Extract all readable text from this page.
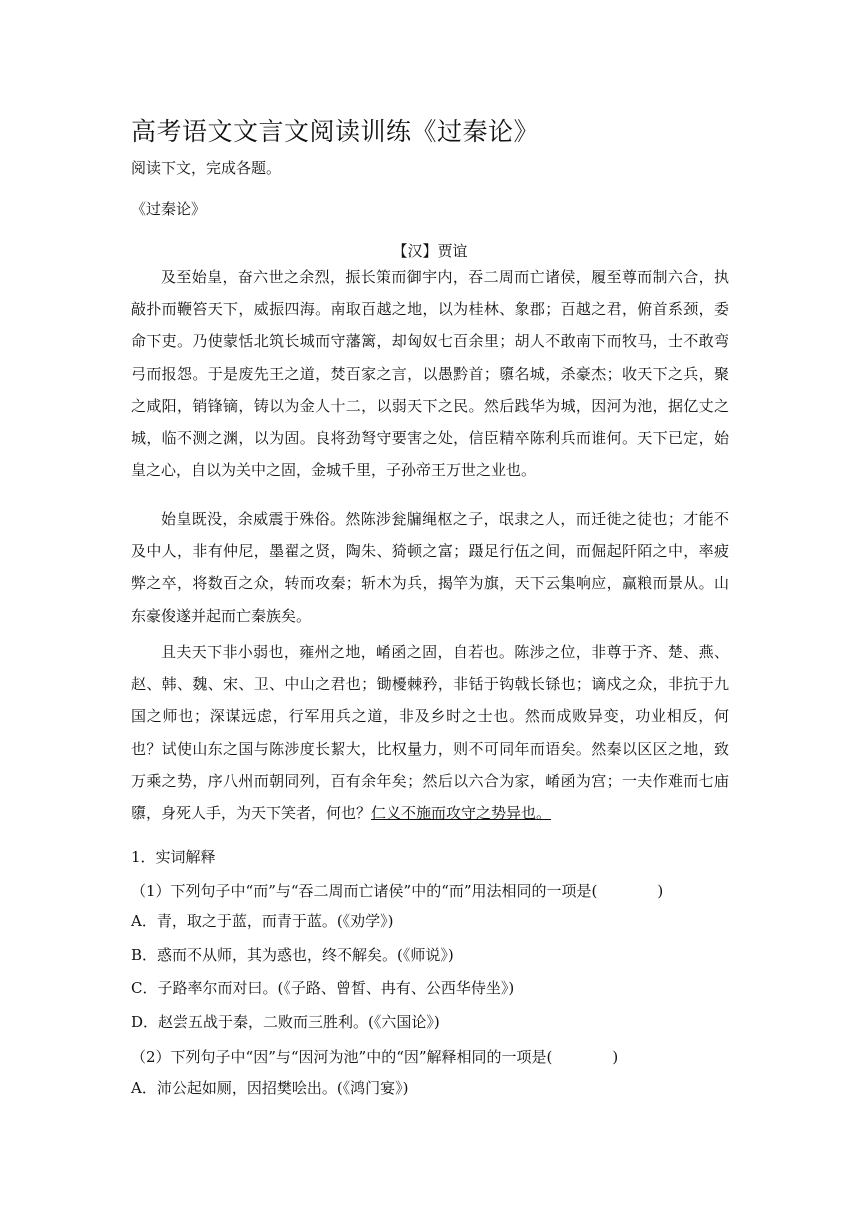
高考语文文言文阅读训练《过秦论》
阅读下文，完成各题。
《过秦论》
【汉】贾谊
及至始皇，奋六世之余烈，振长策而御宇内，吞二周而亡诸侯，履至尊而制六合，执敲扑而鞭笞天下，威振四海。南取百越之地，以为桂林、象郡；百越之君，俯首系颈，委命下吏。乃使蒙恬北筑长城而守藩篱，却匈奴七百余里；胡人不敢南下而牧马，士不敢弯弓而报怨。于是废先王之道，焚百家之言，以愚黔首；隳名城，杀豪杰；收天下之兵，聚之咸阳，销锋镝，铸以为金人十二，以弱天下之民。然后践华为城，因河为池，据亿丈之城，临不测之渊，以为固。良将劲弩守要害之处，信臣精卒陈利兵而谁何。天下已定，始皇之心，自以为关中之固，金城千里，子孙帝王万世之业也。
始皇既没，余威震于殊俗。然陈涉瓮牖绳枢之子，氓隶之人，而迁徙之徒也；才能不及中人，非有仲尼，墨翟之贤，陶朱、猗顿之富；蹑足行伍之间，而倔起阡陌之中，率疲弊之卒，将数百之众，转而攻秦；斩木为兵，揭竿为旗，天下云集响应，赢粮而景从。山东豪俊遂并起而亡秦族矣。
且夫天下非小弱也，雍州之地，崤函之固，自若也。陈涉之位，非尊于齐、楚、燕、赵、韩、魏、宋、卫、中山之君也；锄櫌棘矜，非铦于钩戟长铩也；谪戍之众，非抗于九国之师也；深谋远虑，行军用兵之道，非及乡时之士也。然而成败异变，功业相反，何也？试使山东之国与陈涉度长絜大，比权量力，则不可同年而语矣。然秦以区区之地，致万乘之势，序八州而朝同列，百有余年矣；然后以六合为家，崤函为宫；一夫作难而七庙隳，身死人手，为天下笑者，何也？仁义不施而攻守之势异也。
1．实词解释
（1）下列句子中“而”与“吞二周而亡诸侯”中的“而”用法相同的一项是(	)
A．青，取之于蓝，而青于蓝。(《劝学》)
B．惑而不从师，其为惑也，终不解矣。(《师说》)
C．子路率尔而对曰。(《子路、曾皙、冉有、公西华侍坐》)
D．赵尝五战于秦，二败而三胜利。(《六国论》)
（2）下列句子中“因”与“因河为池”中的“因”解释相同的一项是(	)
A．沛公起如厕，因招樊哙出。(《鸿门宴》)
